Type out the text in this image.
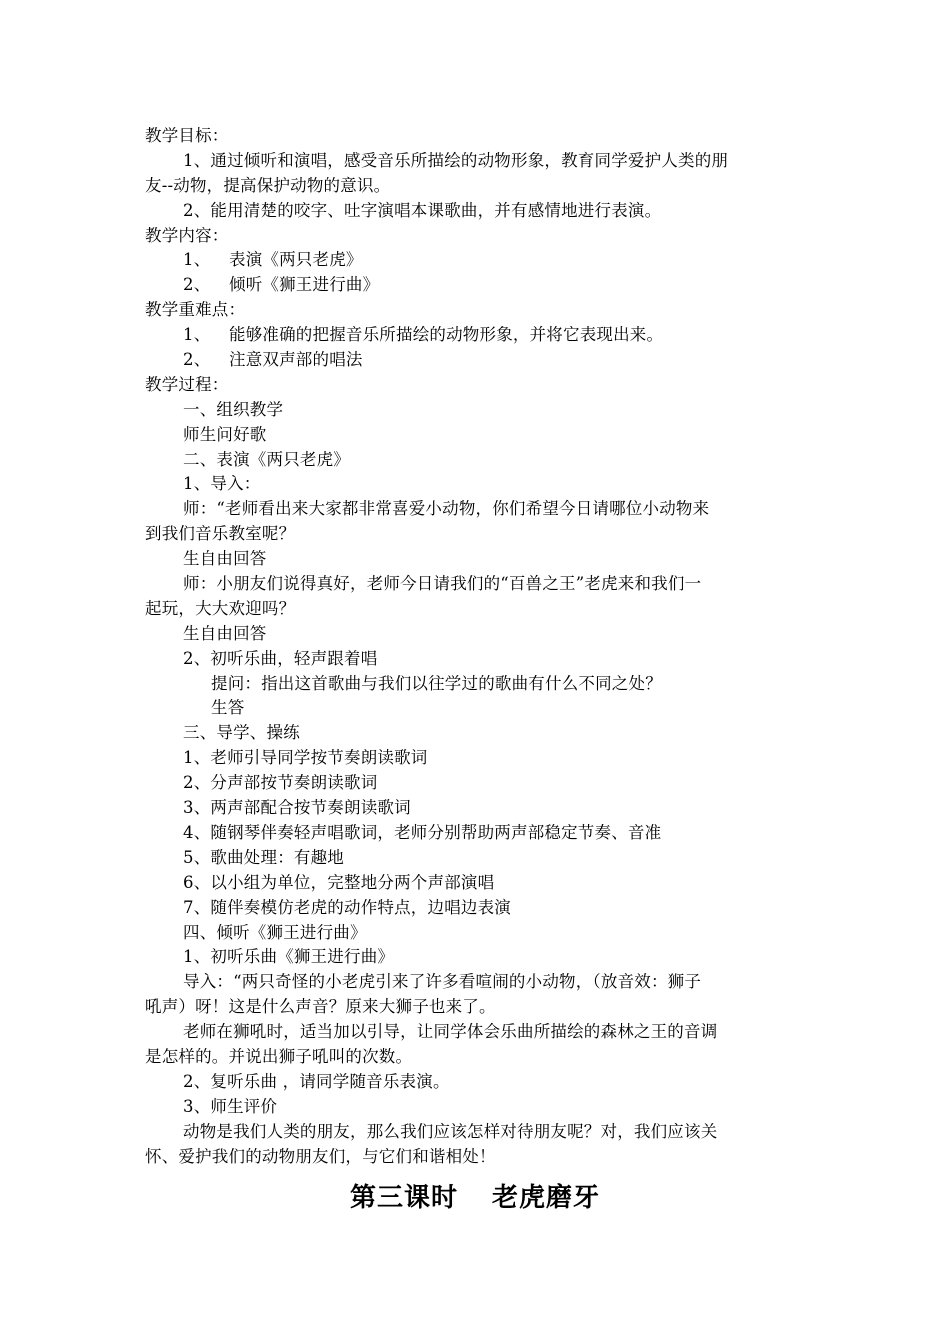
教学目标：
1、通过倾听和演唱，感受音乐所描绘的动物形象，教育同学爱护人类的朋
友--动物，提高保护动物的意识。
2、能用清楚的咬字、吐字演唱本课歌曲，并有感情地进行表演。
教学内容：
1、 表演《两只老虎》
2、 倾听《狮王进行曲》
教学重难点：
1、 能够准确的把握音乐所描绘的动物形象，并将它表现出来。
2、 注意双声部的唱法
教学过程：
一、组织教学
师生问好歌
二、表演《两只老虎》
1、导入：
师：“老师看出来大家都非常喜爱小动物，你们希望今日请哪位小动物来
到我们音乐教室呢？
生自由回答
师：小朋友们说得真好，老师今日请我们的“百兽之王”老虎来和我们一
起玩，大大欢迎吗？
生自由回答
2、初听乐曲，轻声跟着唱
提问：指出这首歌曲与我们以往学过的歌曲有什么不同之处？
生答
三、导学、操练
1、老师引导同学按节奏朗读歌词
2、分声部按节奏朗读歌词
3、两声部配合按节奏朗读歌词
4、随钢琴伴奏轻声唱歌词，老师分别帮助两声部稳定节奏、音准
5、歌曲处理：有趣地
6、以小组为单位，完整地分两个声部演唱
7、随伴奏模仿老虎的动作特点，边唱边表演
四、倾听《狮王进行曲》
1、初听乐曲《狮王进行曲》
导入：“两只奇怪的小老虎引来了许多看喧闹的小动物，（放音效：狮子
吼声）呀！这是什么声音？原来大狮子也来了。
老师在狮吼时，适当加以引导，让同学体会乐曲所描绘的森林之王的音调
是怎样的。并说出狮子吼叫的次数。
2、复听乐曲 ，请同学随音乐表演。
3、师生评价
动物是我们人类的朋友，那么我们应该怎样对待朋友呢？对，我们应该关
怀、爱护我们的动物朋友们，与它们和谐相处！
第三课时 老虎磨牙
